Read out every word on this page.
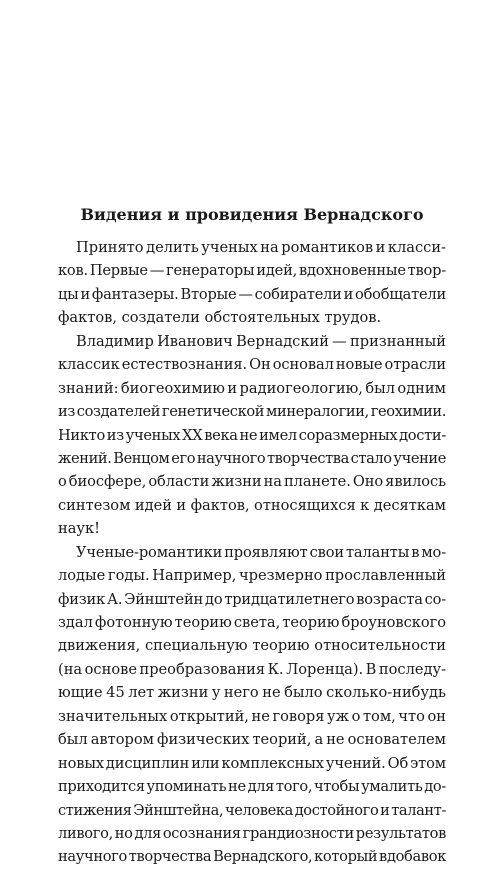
Видения и провидения Вернадского
Принято делить ученых на романтиков и класси-
ков. Первые — генераторы идей, вдохновенные твор-
цы и фантазеры. Вторые — собиратели и обобщатели
фактов, создатели обстоятельных трудов.
Владимир Иванович Вернадский — признанный
классик естествознания. Он основал новые отрасли
знаний: биогеохимию и радиогеологию, был одним
из создателей генетической минералогии, геохимии.
Никто из ученых XX века не имел соразмерных дости-
жений. Венцом его научного творчества стало учение
о биосфере, области жизни на планете. Оно явилось
синтезом идей и фактов, относящихся к десяткам
наук!
Ученые-романтики проявляют свои таланты в мо-
лодые годы. Например, чрезмерно прославленный
физик А. Эйнштейн до тридцатилетнего возраста со-
здал фотонную теорию света, теорию броуновского
движения, специальную теорию относительности
(на основе преобразования К. Лоренца). В последу-
ющие 45 лет жизни у него не было сколько-нибудь
значительных открытий, не говоря уж о том, что он
был автором физических теорий, а не основателем
новых дисциплин или комплексных учений. Об этом
приходится упоминать не для того, чтобы умалить до-
стижения Эйнштейна, человека достойного и талант-
ливого, но для осознания грандиозности результатов
научного творчества Вернадского, который вдобавок
